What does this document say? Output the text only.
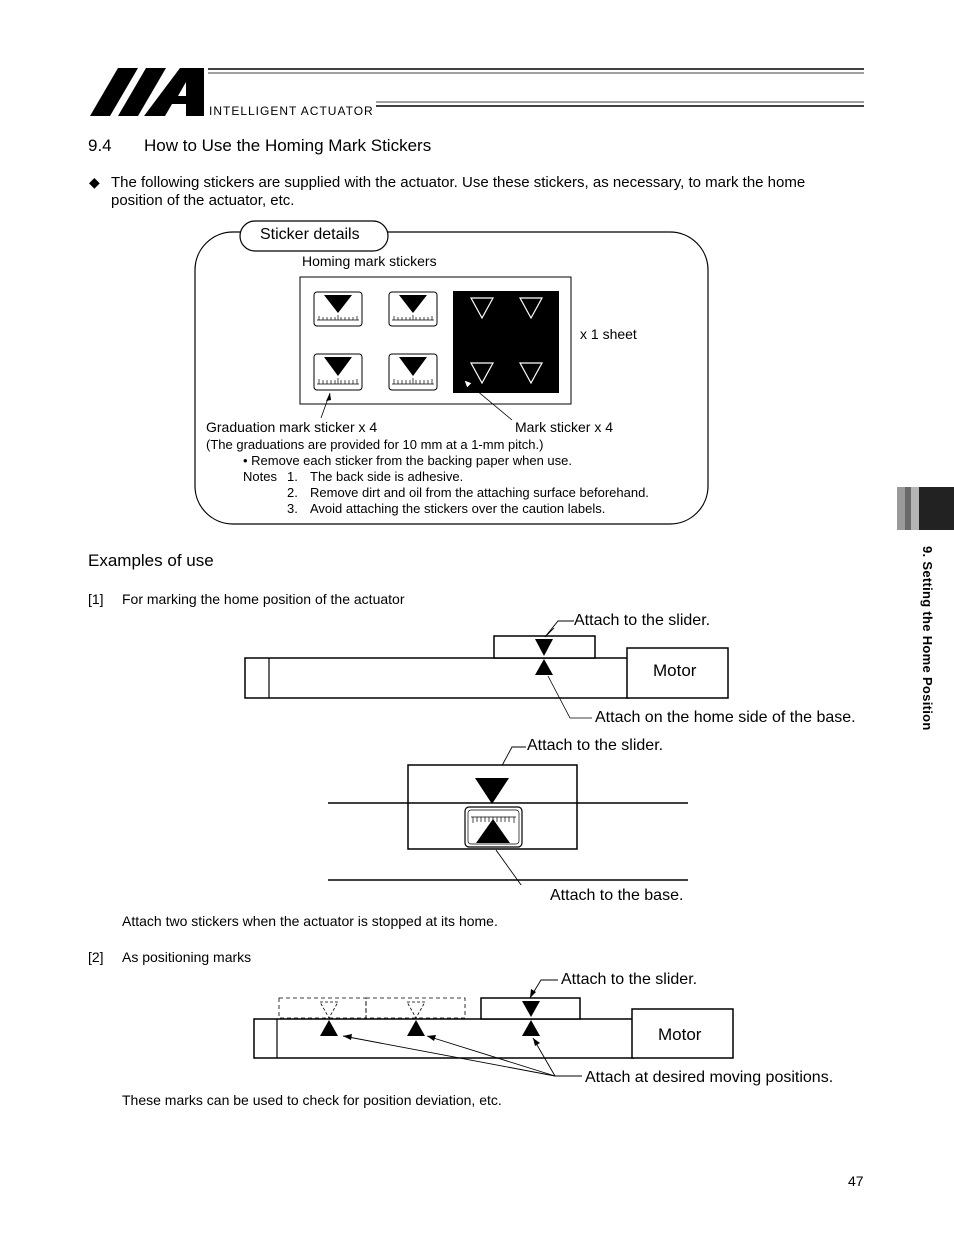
INTELLIGENT ACTUATOR
9.4 How to Use the Homing Mark Stickers
◆ The following stickers are supplied with the actuator. Use these stickers, as necessary, to mark the home
position of the actuator, etc.
Sticker details
Homing mark stickers
x 1 sheet
Graduation mark sticker x 4	Mark sticker x 4
(The graduations are provided for 10 mm at a 1-mm pitch.)
• Remove each sticker from the backing paper when use.
Notes 1. The back side is adhesive.
2. Remove dirt and oil from the attaching surface beforehand.
3. Avoid attaching the stickers over the caution labels.
9. Setting the Home Position
Examples of use
[1] For marking the home position of the actuator
Attach to the slider.
Motor
Attach on the home side of the base.
Attach to the slider.
Attach to the base.
Attach two stickers when the actuator is stopped at its home.
[2] As positioning marks
Attach to the slider.
Motor
Attach at desired moving positions.
These marks can be used to check for position deviation, etc.
47
